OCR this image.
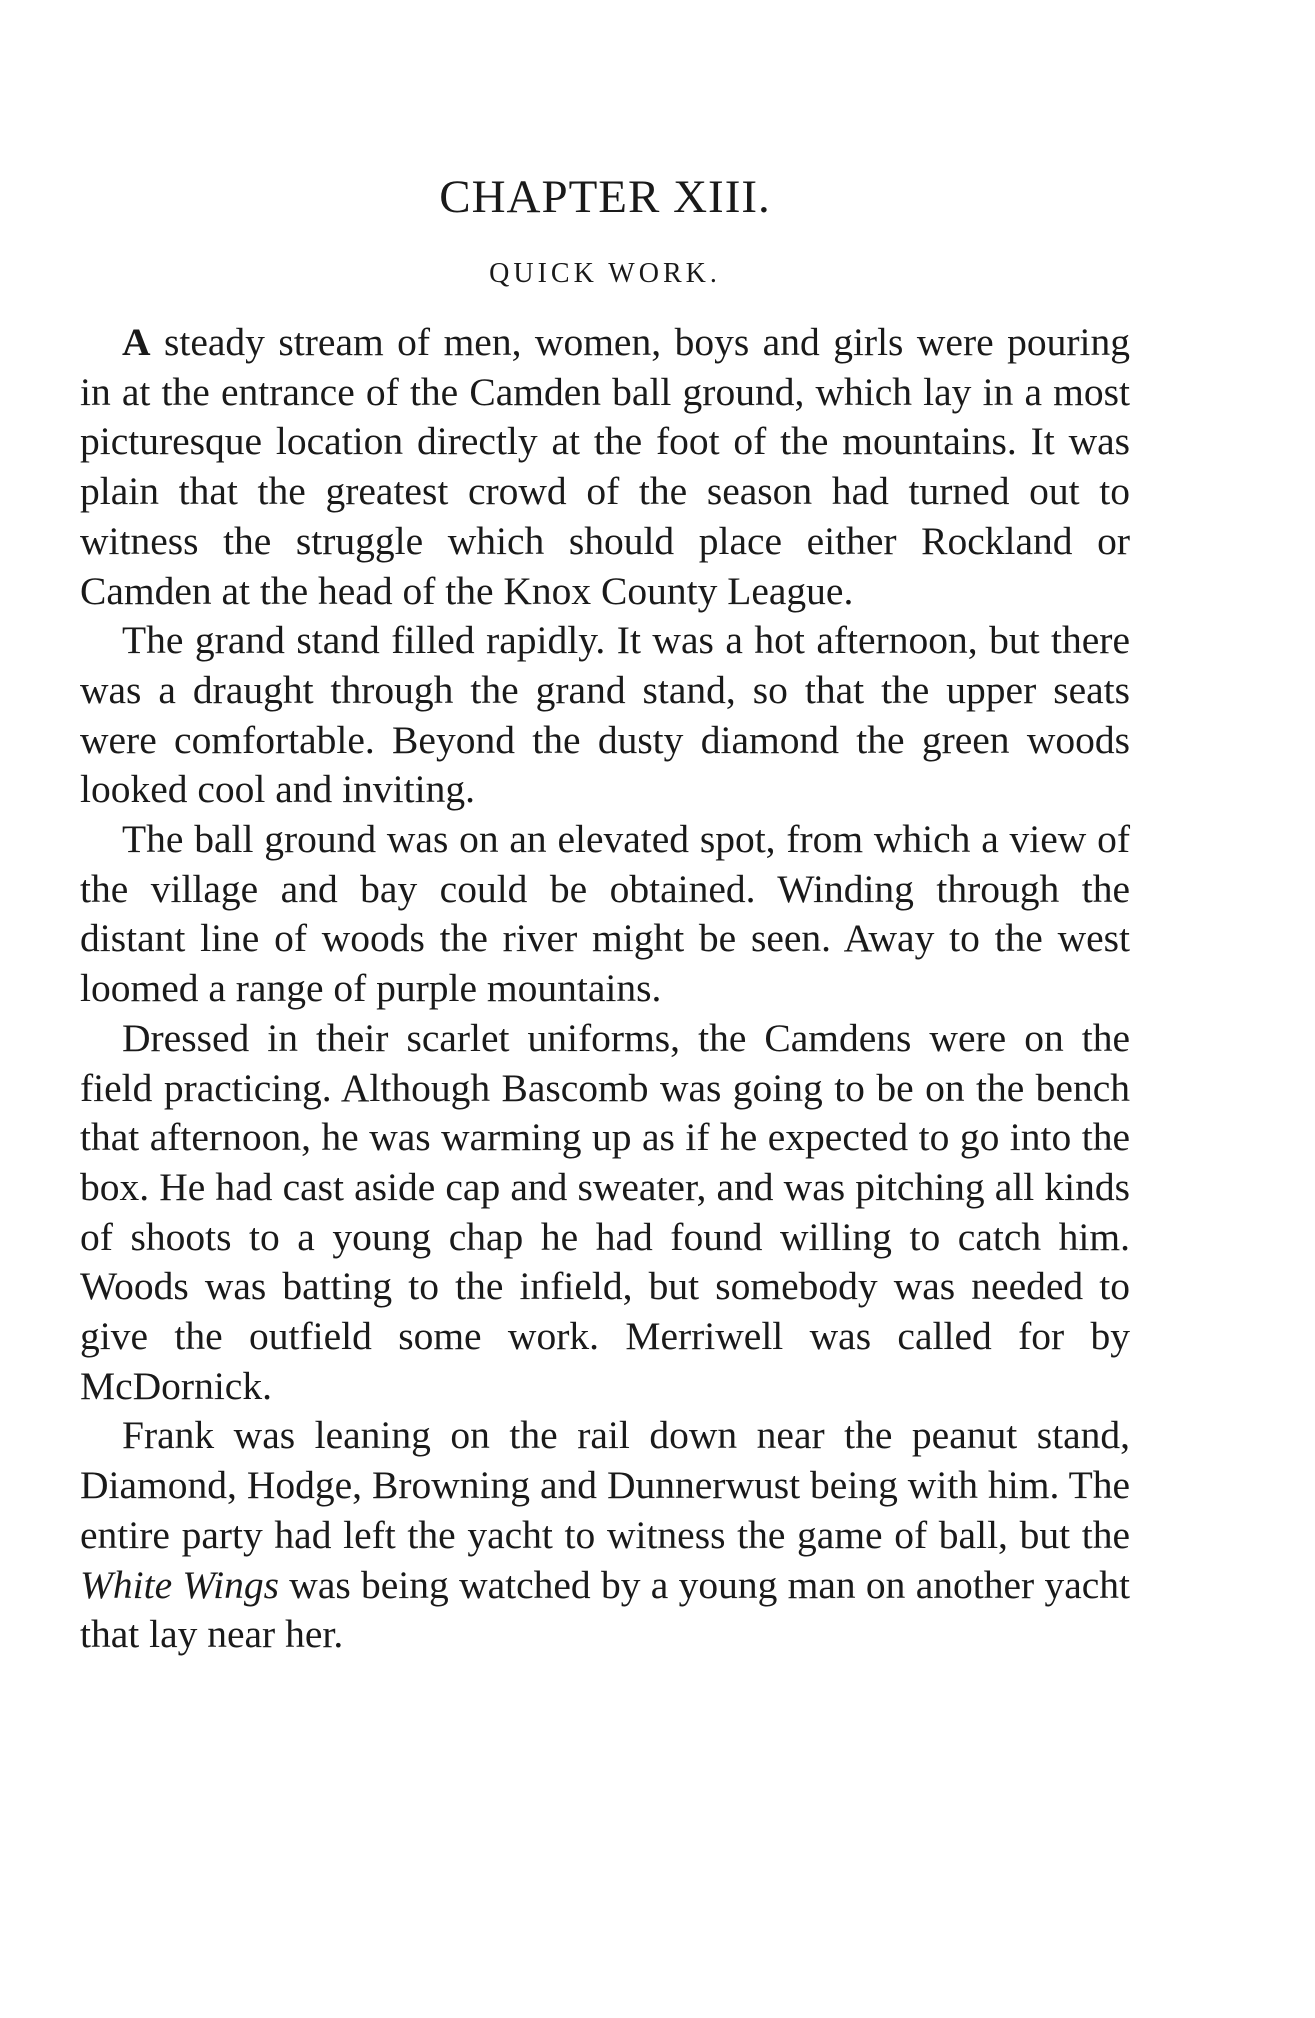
CHAPTER XIII.
QUICK WORK.

A steady stream of men, women, boys and girls were pouring in at the entrance of the Camden ball ground, which lay in a most picturesque location directly at the foot of the mountains. It was plain that the greatest crowd of the season had turned out to witness the struggle which should place either Rockland or Camden at the head of the Knox County League.

The grand stand filled rapidly. It was a hot afternoon, but there was a draught through the grand stand, so that the upper seats were comfortable. Beyond the dusty diamond the green woods looked cool and inviting.

The ball ground was on an elevated spot, from which a view of the village and bay could be obtained. Winding through the distant line of woods the river might be seen. Away to the west loomed a range of purple mountains.

Dressed in their scarlet uniforms, the Camdens were on the field practicing. Although Bascomb was going to be on the bench that afternoon, he was warming up as if he expected to go into the box. He had cast aside cap and sweater, and was pitching all kinds of shoots to a young chap he had found willing to catch him. Woods was batting to the infield, but somebody was needed to give the outfield some work. Merriwell was called for by McDornick.

Frank was leaning on the rail down near the peanut stand, Diamond, Hodge, Browning and Dunnerwust being with him. The entire party had left the yacht to witness the game of ball, but the White Wings was being watched by a young man on another yacht that lay near her.
